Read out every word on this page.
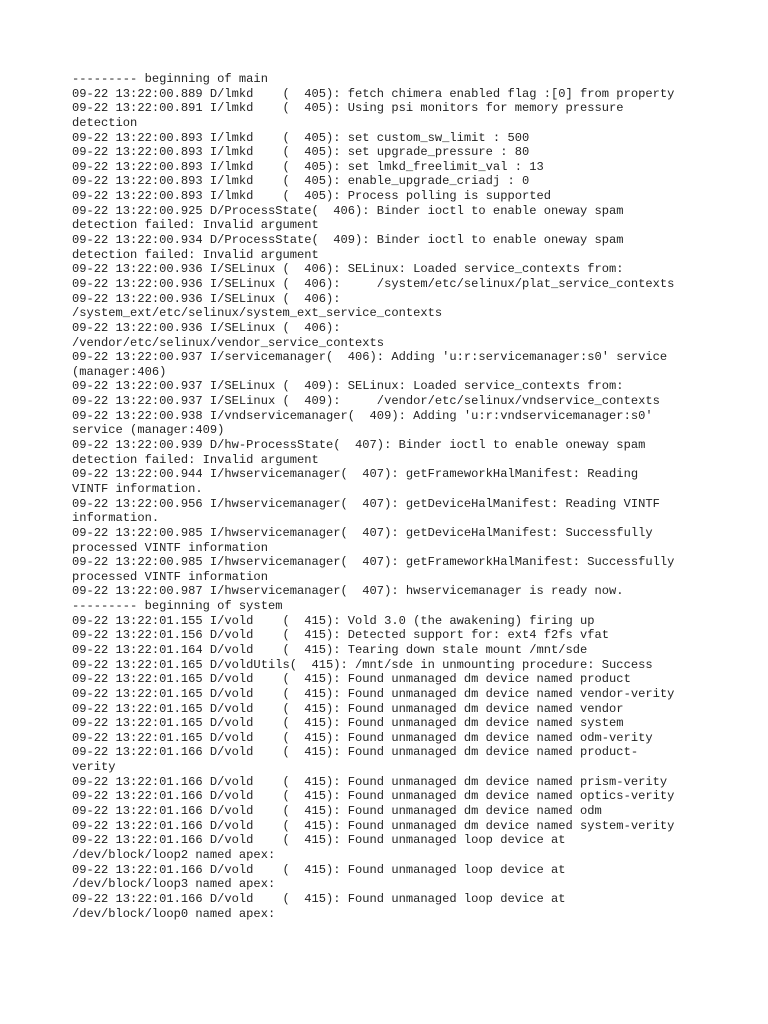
--------- beginning of main
09-22 13:22:00.889 D/lmkd    (  405): fetch chimera enabled flag :[0] from property
09-22 13:22:00.891 I/lmkd    (  405): Using psi monitors for memory pressure
detection
09-22 13:22:00.893 I/lmkd    (  405): set custom_sw_limit : 500
09-22 13:22:00.893 I/lmkd    (  405): set upgrade_pressure : 80
09-22 13:22:00.893 I/lmkd    (  405): set lmkd_freelimit_val : 13
09-22 13:22:00.893 I/lmkd    (  405): enable_upgrade_criadj : 0
09-22 13:22:00.893 I/lmkd    (  405): Process polling is supported
09-22 13:22:00.925 D/ProcessState(  406): Binder ioctl to enable oneway spam
detection failed: Invalid argument
09-22 13:22:00.934 D/ProcessState(  409): Binder ioctl to enable oneway spam
detection failed: Invalid argument
09-22 13:22:00.936 I/SELinux (  406): SELinux: Loaded service_contexts from:
09-22 13:22:00.936 I/SELinux (  406):     /system/etc/selinux/plat_service_contexts
09-22 13:22:00.936 I/SELinux (  406):
/system_ext/etc/selinux/system_ext_service_contexts
09-22 13:22:00.936 I/SELinux (  406):
/vendor/etc/selinux/vendor_service_contexts
09-22 13:22:00.937 I/servicemanager(  406): Adding 'u:r:servicemanager:s0' service
(manager:406)
09-22 13:22:00.937 I/SELinux (  409): SELinux: Loaded service_contexts from:
09-22 13:22:00.937 I/SELinux (  409):     /vendor/etc/selinux/vndservice_contexts
09-22 13:22:00.938 I/vndservicemanager(  409): Adding 'u:r:vndservicemanager:s0'
service (manager:409)
09-22 13:22:00.939 D/hw-ProcessState(  407): Binder ioctl to enable oneway spam
detection failed: Invalid argument
09-22 13:22:00.944 I/hwservicemanager(  407): getFrameworkHalManifest: Reading
VINTF information.
09-22 13:22:00.956 I/hwservicemanager(  407): getDeviceHalManifest: Reading VINTF
information.
09-22 13:22:00.985 I/hwservicemanager(  407): getDeviceHalManifest: Successfully
processed VINTF information
09-22 13:22:00.985 I/hwservicemanager(  407): getFrameworkHalManifest: Successfully
processed VINTF information
09-22 13:22:00.987 I/hwservicemanager(  407): hwservicemanager is ready now.
--------- beginning of system
09-22 13:22:01.155 I/vold    (  415): Vold 3.0 (the awakening) firing up
09-22 13:22:01.156 D/vold    (  415): Detected support for: ext4 f2fs vfat
09-22 13:22:01.164 D/vold    (  415): Tearing down stale mount /mnt/sde
09-22 13:22:01.165 D/voldUtils(  415): /mnt/sde in unmounting procedure: Success
09-22 13:22:01.165 D/vold    (  415): Found unmanaged dm device named product
09-22 13:22:01.165 D/vold    (  415): Found unmanaged dm device named vendor-verity
09-22 13:22:01.165 D/vold    (  415): Found unmanaged dm device named vendor
09-22 13:22:01.165 D/vold    (  415): Found unmanaged dm device named system
09-22 13:22:01.165 D/vold    (  415): Found unmanaged dm device named odm-verity
09-22 13:22:01.166 D/vold    (  415): Found unmanaged dm device named product-
verity
09-22 13:22:01.166 D/vold    (  415): Found unmanaged dm device named prism-verity
09-22 13:22:01.166 D/vold    (  415): Found unmanaged dm device named optics-verity
09-22 13:22:01.166 D/vold    (  415): Found unmanaged dm device named odm
09-22 13:22:01.166 D/vold    (  415): Found unmanaged dm device named system-verity
09-22 13:22:01.166 D/vold    (  415): Found unmanaged loop device at
/dev/block/loop2 named apex:
09-22 13:22:01.166 D/vold    (  415): Found unmanaged loop device at
/dev/block/loop3 named apex:
09-22 13:22:01.166 D/vold    (  415): Found unmanaged loop device at
/dev/block/loop0 named apex:
